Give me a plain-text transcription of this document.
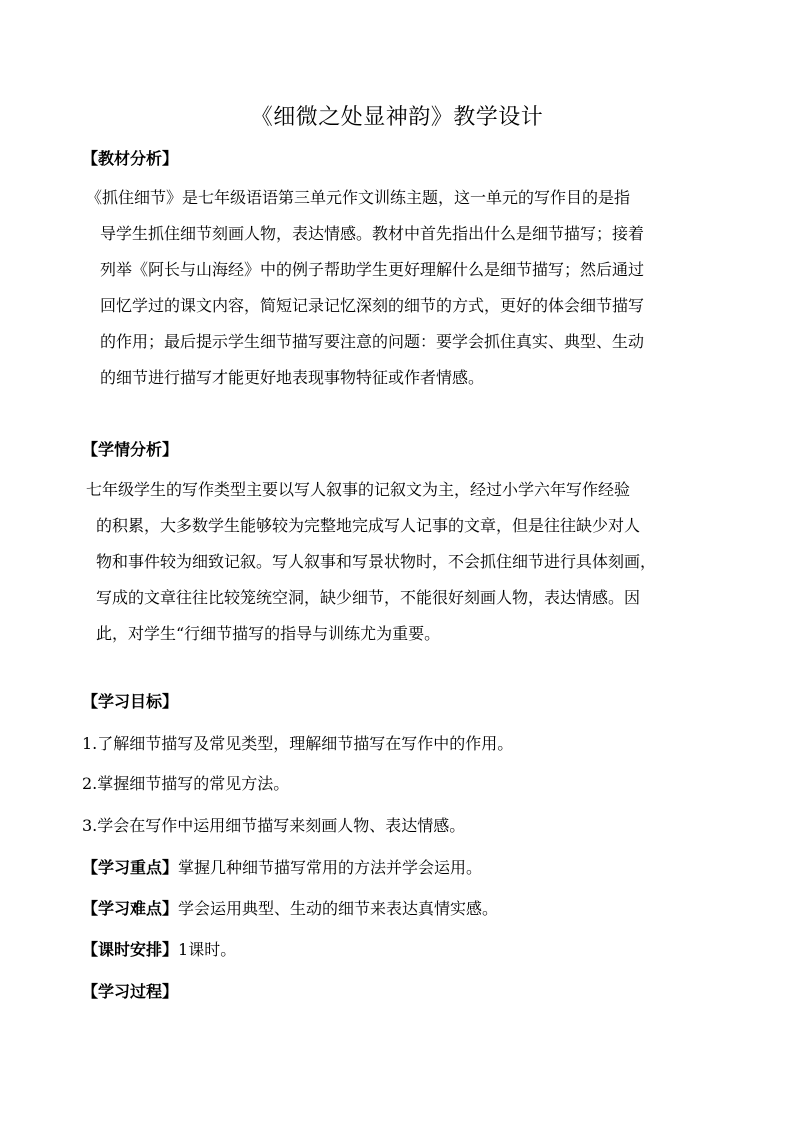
《细微之处显神韵》教学设计
【教材分析】
《抓住细节》是七年级语语第三单元作文训练主题，这一单元的写作目的是指
导学生抓住细节刻画人物，表达情感。教材中首先指出什么是细节描写；接着
列举《阿长与山海经》中的例子帮助学生更好理解什么是细节描写；然后通过
回忆学过的课文内容，简短记录记忆深刻的细节的方式，更好的体会细节描写
的作用；最后提示学生细节描写要注意的问题：要学会抓住真实、典型、生动
的细节进行描写才能更好地表现事物特征或作者情感。
【学情分析】
七年级学生的写作类型主要以写人叙事的记叙文为主，经过小学六年写作经验
的积累，大多数学生能够较为完整地完成写人记事的文章，但是往往缺少对人
物和事件较为细致记叙。写人叙事和写景状物时，不会抓住细节进行具体刻画，
写成的文章往往比较笼统空洞，缺少细节，不能很好刻画人物，表达情感。因
此，对学生“行细节描写的指导与训练尤为重要。
【学习目标】
1.了解细节描写及常见类型，理解细节描写在写作中的作用。
2.掌握细节描写的常见方法。
3.学会在写作中运用细节描写来刻画人物、表达情感。
【学习重点】掌握几种细节描写常用的方法并学会运用。
【学习难点】学会运用典型、生动的细节来表达真情实感。
【课时安排】1课时。
【学习过程】
